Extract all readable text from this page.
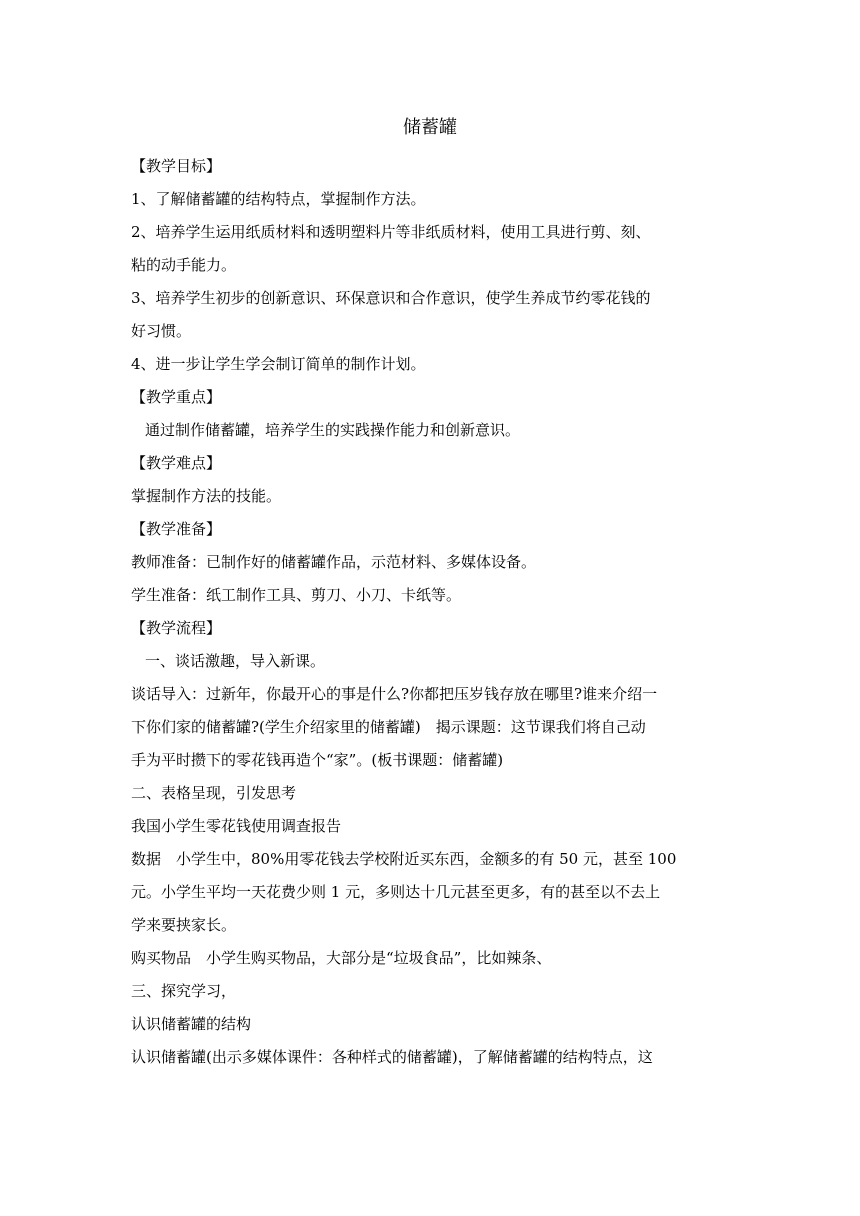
储蓄罐
【教学目标】
1、了解储蓄罐的结构特点，掌握制作方法。
2、培养学生运用纸质材料和透明塑料片等非纸质材料，使用工具进行剪、刻、
粘的动手能力。
3、培养学生初步的创新意识、环保意识和合作意识，使学生养成节约零花钱的
好习惯。
4、进一步让学生学会制订简单的制作计划。
【教学重点】
通过制作储蓄罐，培养学生的实践操作能力和创新意识。
【教学难点】
掌握制作方法的技能。
【教学准备】
教师准备：已制作好的储蓄罐作品，示范材料、多媒体设备。
学生准备：纸工制作工具、剪刀、小刀、卡纸等。
【教学流程】
一、谈话激趣，导入新课。
谈话导入：过新年，你最开心的事是什么?你都把压岁钱存放在哪里?谁来介绍一
下你们家的储蓄罐?(学生介绍家里的储蓄罐)　揭示课题：这节课我们将自己动
手为平时攒下的零花钱再造个“家”。(板书课题：储蓄罐)
二、表格呈现，引发思考
我国小学生零花钱使用调查报告
数据　小学生中，80%用零花钱去学校附近买东西，金额多的有 50 元，甚至 100
元。小学生平均一天花费少则 1 元，多则达十几元甚至更多，有的甚至以不去上
学来要挟家长。
购买物品　小学生购买物品，大部分是“垃圾食品”，比如辣条、
三、探究学习，
认识储蓄罐的结构
认识储蓄罐(出示多媒体课件：各种样式的储蓄罐)，了解储蓄罐的结构特点，这
